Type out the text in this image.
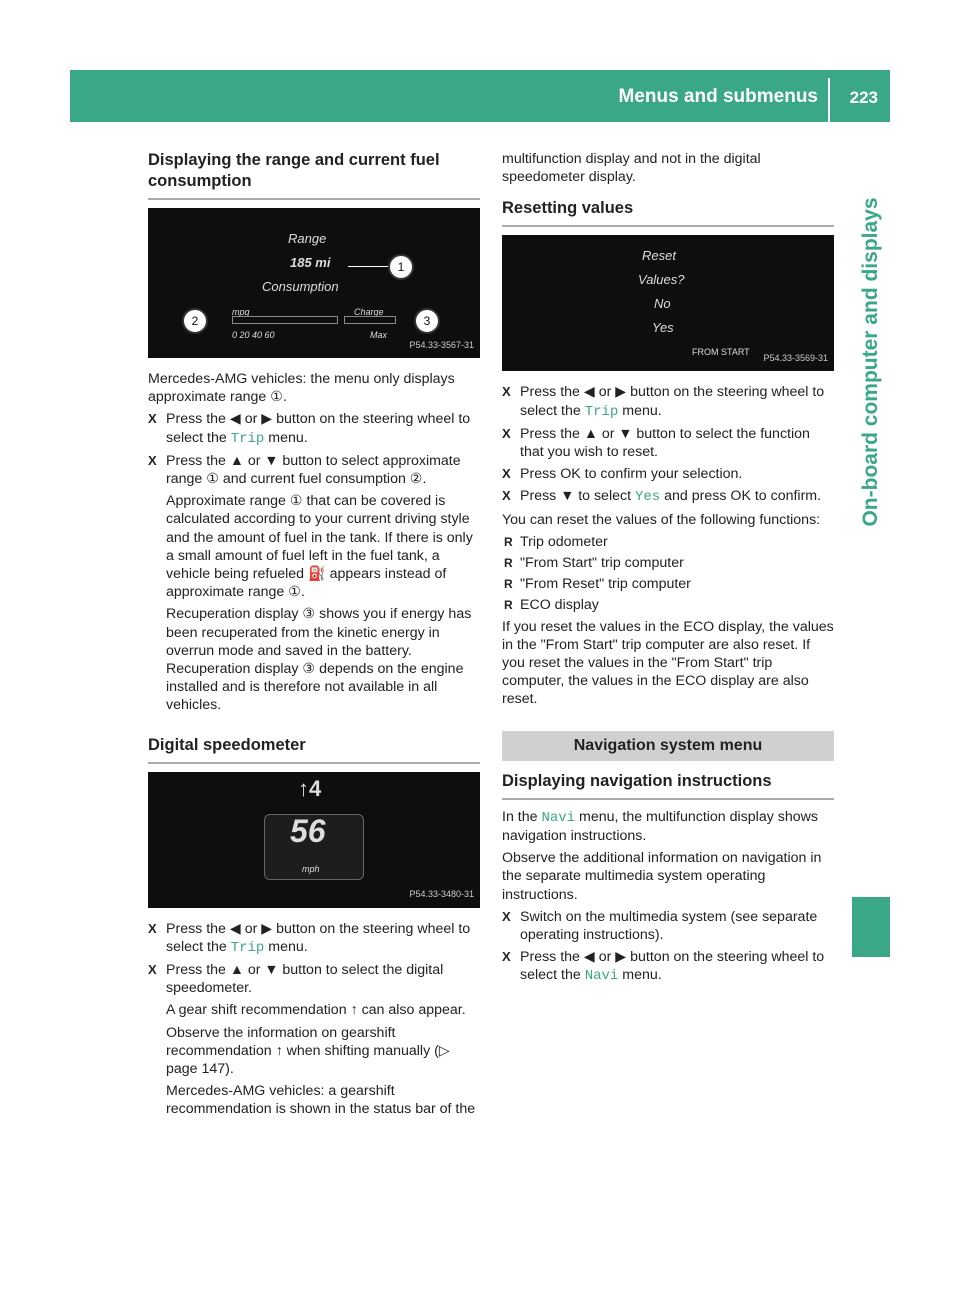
Menus and submenus 223
On-board computer and displays
Displaying the range and current fuel consumption
Range
185 mi
Consumption
mpg	Charge
0 20 40 60	Max
1
2	3
P54.33-3567-31

Mercedes-AMG vehicles: the menu only displays approximate range ①.

X Press the ◀ or ▶ button on the steering wheel to select the Trip menu.

X Press the ▲ or ▼ button to select approximate range ① and current fuel consumption ②.

Approximate range ① that can be covered is calculated according to your current driving style and the amount of fuel in the tank. If there is only a small amount of fuel left in the fuel tank, a vehicle being refueled ⛽ appears instead of approximate range ①.

Recuperation display ③ shows you if energy has been recuperated from the kinetic energy in overrun mode and saved in the battery. Recuperation display ③ depends on the engine installed and is therefore not available in all vehicles.

Digital speedometer
↑4
56
mph
P54.33-3480-31
X Press the ◀ or ▶ button on the steering wheel to select the Trip menu.

X Press the ▲ or ▼ button to select the digital speedometer.

A gear shift recommendation ↑ can also appear.

Observe the information on gearshift recommendation ↑ when shifting manually (▷ page 147).

Mercedes-AMG vehicles: a gearshift recommendation is shown in the status bar of the

multifunction display and not in the digital speedometer display.

Resetting values
Reset
Values?
No
Yes
FROM START
P54.33-3569-31
X Press the ◀ or ▶ button on the steering wheel to select the Trip menu.
X Press the ▲ or ▼ button to select the function that you wish to reset.
X Press OK to confirm your selection.
X Press ▼ to select Yes and press OK to confirm.

You can reset the values of the following functions:

R Trip odometer
R "From Start" trip computer
R "From Reset" trip computer
R ECO display

If you reset the values in the ECO display, the values in the "From Start" trip computer are also reset. If you reset the values in the "From Start" trip computer, the values in the ECO display are also reset.

Navigation system menu
Displaying navigation instructions

In the Navi menu, the multifunction display shows navigation instructions.

Observe the additional information on navigation in the separate multimedia system operating instructions.

X Switch on the multimedia system (see separate operating instructions).
X Press the ◀ or ▶ button on the steering wheel to select the Navi menu.
